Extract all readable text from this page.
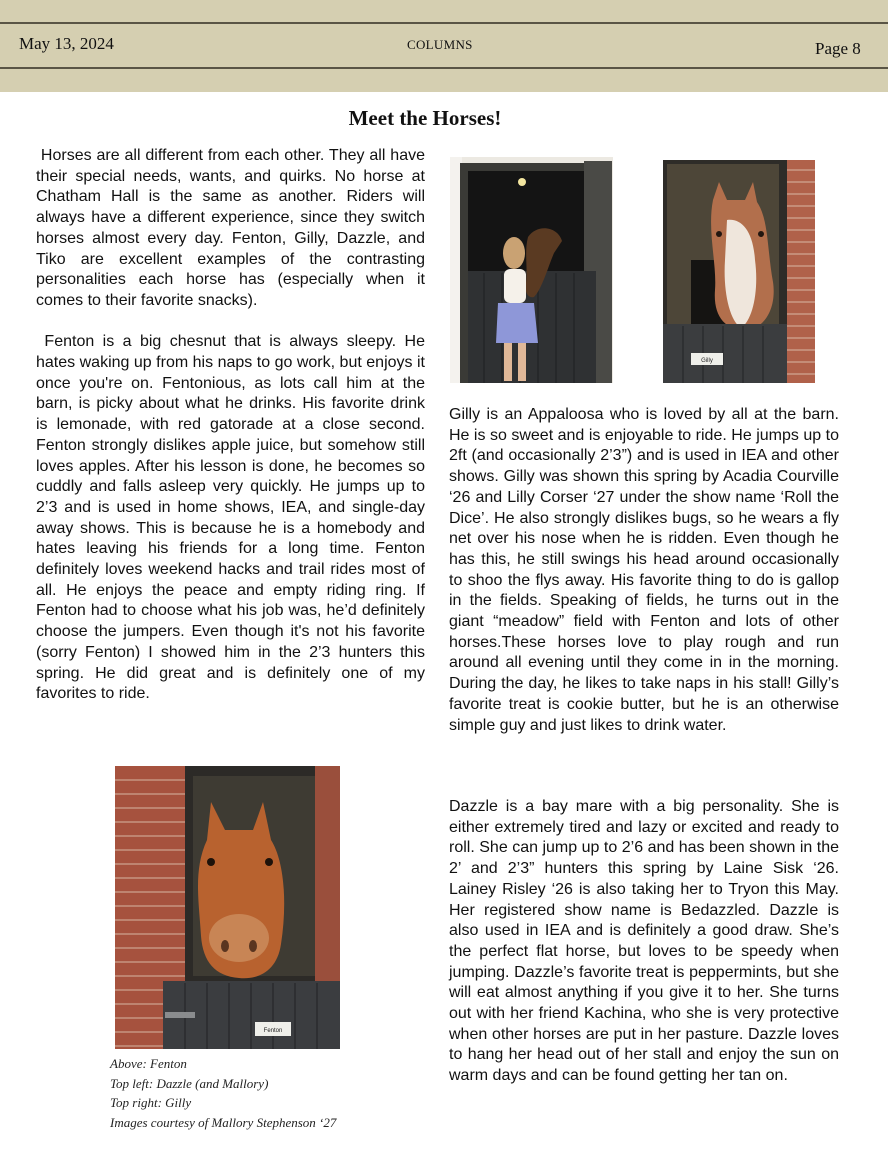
May 13, 2024	COLUMNS	Page 8
Meet the Horses!

Horses are all different from each other. They all have their special needs, wants, and quirks. No horse at Chatham Hall is the same as another. Riders will always have a different experience, since they switch horses almost every day. Fenton, Gilly, Dazzle, and Tiko are excellent examples of the contrasting personalities each horse has (especially when it comes to their favorite snacks).

Fenton is a big chesnut that is always sleepy. He hates waking up from his naps to go work, but enjoys it once you're on. Fentonious, as lots call him at the barn, is picky about what he drinks. His favorite drink is lemonade, with red gatorade at a close second. Fenton strongly dislikes apple juice, but somehow still loves apples. After his lesson is done, he becomes so cuddly and falls asleep very quickly. He jumps up to 2’3 and is used in home shows, IEA, and single-day away shows. This is because he is a homebody and hates leaving his friends for a long time. Fenton definitely loves weekend hacks and trail rides most of all. He enjoys the peace and empty riding ring. If Fenton had to choose what his job was, he’d definitely choose the jumpers. Even though it's not his favorite (sorry Fenton) I showed him in the 2’3 hunters this spring. He did great and is definitely one of my favorites to ride.

Gilly is an Appaloosa who is loved by all at the barn. He is so sweet and is enjoyable to ride. He jumps up to 2ft (and occasionally 2’3”) and is used in IEA and other shows. Gilly was shown this spring by Acadia Courville ‘26 and Lilly Corser ‘27 under the show name ‘Roll the Dice’. He also strongly dislikes bugs, so he wears a fly net over his nose when he is ridden. Even though he has this, he still swings his head around occasionally to shoo the flys away. His favorite thing to do is gallop in the fields. Speaking of fields, he turns out in the giant “meadow” field with Fenton and lots of other horses.These horses love to play rough and run around all evening until they come in in the morning. During the day, he likes to take naps in his stall! Gilly’s favorite treat is cookie butter, but he is an otherwise simple guy and just likes to drink water.
Dazzle is a bay mare with a big personality. She is either extremely tired and lazy or excited and ready to roll. She can jump up to 2’6 and has been shown in the 2’ and 2’3” hunters this spring by Laine Sisk ‘26. Lainey Risley ‘26 is also taking her to Tryon this May. Her registered show name is Bedazzled. Dazzle is also used in IEA and is definitely a good draw. She’s the perfect flat horse, but loves to be speedy when jumping. Dazzle’s favorite treat is peppermints, but she will eat almost anything if you give it to her. She turns out with her friend Kachina, who she is very protective when other horses are put in her pasture. Dazzle loves to hang her head out of her stall and enjoy the sun on warm days and can be found getting her tan on.
Gilly
Fenton
Above: Fenton
Top left: Dazzle (and Mallory)
Top right: Gilly
Images courtesy of Mallory Stephenson ‘27
